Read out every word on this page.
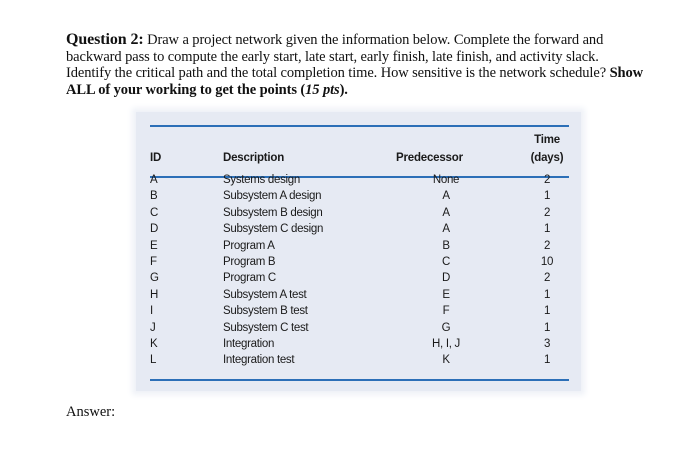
Question 2: Draw a project network given the information below. Complete the forward and backward pass to compute the early start, late start, early finish, late finish, and activity slack. Identify the critical path and the total completion time. How sensitive is the network schedule? Show ALL of your working to get the points (15 pts).
ID	Description	Predecessor
Time
(days)
A
B
C
D
E
F
G
H
I
J
K
L
Systems design
Subsystem A design
Subsystem B design
Subsystem C design
Program A
Program B
Program C
Subsystem A test
Subsystem B test
Subsystem C test
Integration
Integration test
None
A
A
A
B
C
D
E
F
G
H, I, J
K
2
1
2
1
2
10
2
1
1
1
3
1
Answer:
